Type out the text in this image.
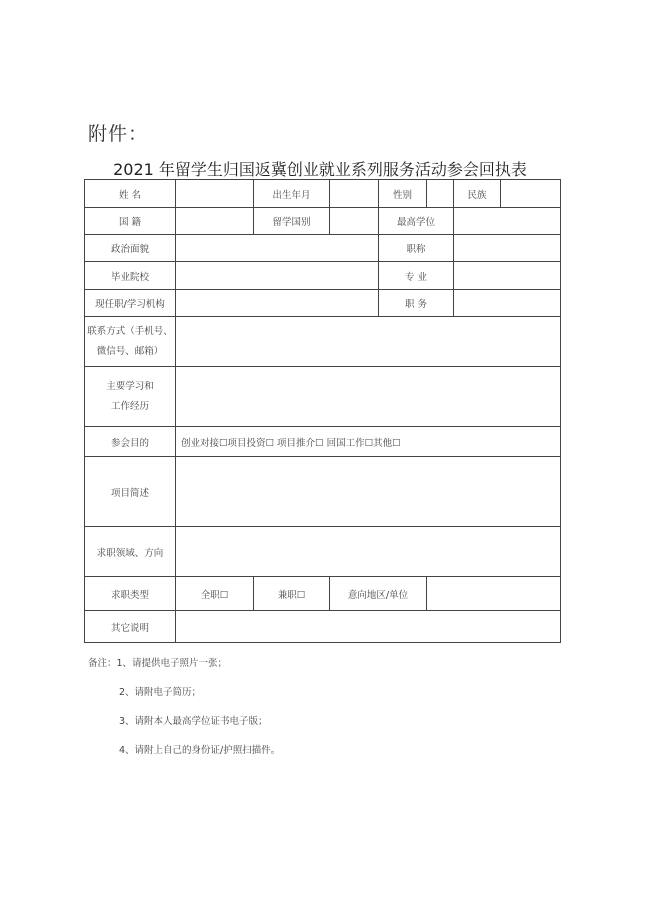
附件：
2021 年留学生归国返冀创业就业系列服务活动参会回执表
姓 名		出生年月		性别		民族	
国 籍		留学国别		最高学位			
政治面貌				职称			
毕业院校				专 业			
现任职/学习机构				职 务			

联系方式（手机号、
微信号、邮箱）							

主要学习和
工作经历							

参会目的	创业对接☐项目投资☐ 项目推介☐ 回国工作☐其他☐						
项目简述							
求职领域、方向							
求职类型	全职☐	兼职☐	意向地区/单位				
其它说明							
备注：1、请提供电子照片一张；
2、请附电子简历；
3、请附本人最高学位证书电子版；
4、请附上自己的身份证/护照扫描件。
